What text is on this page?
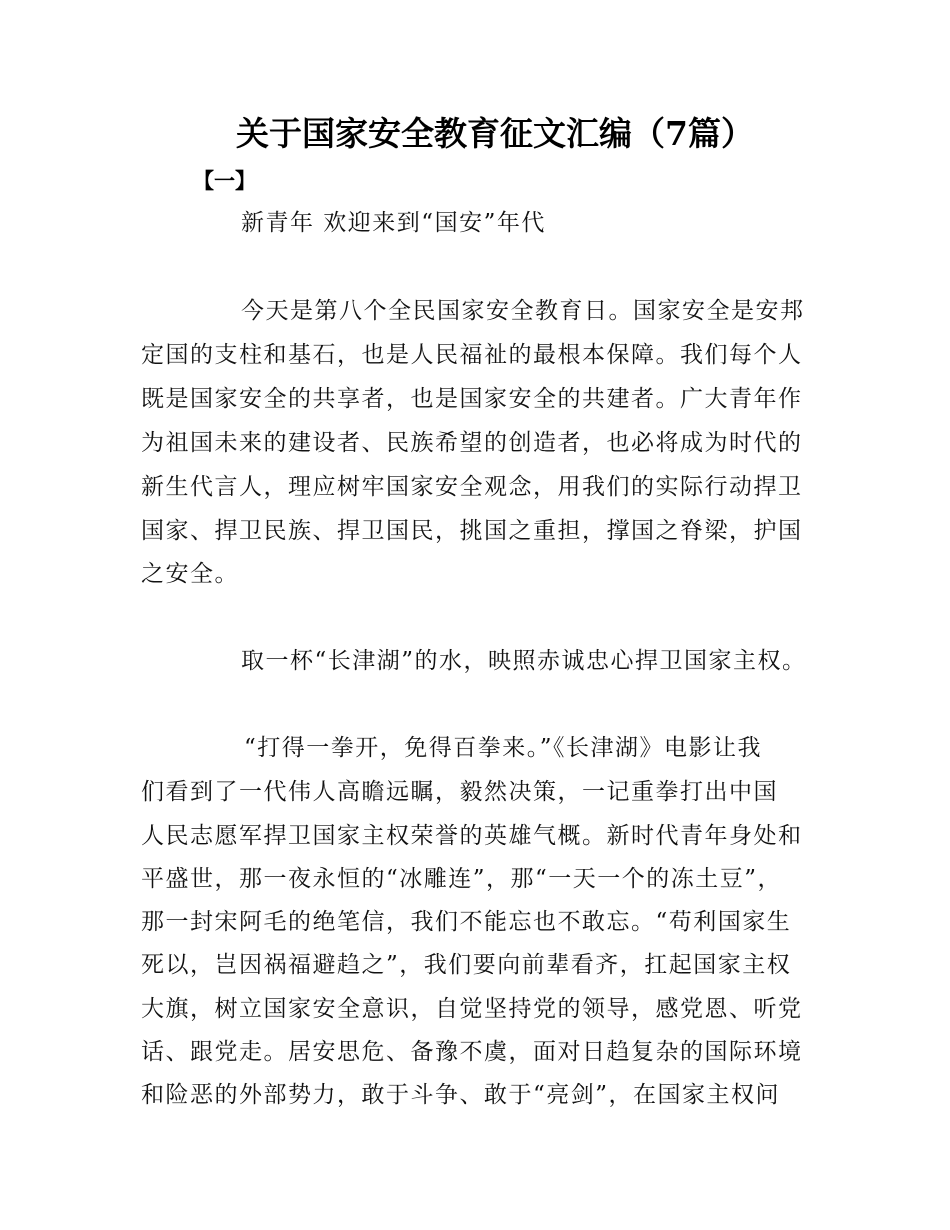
关于国家安全教育征文汇编（7篇）
【一】
新青年 欢迎来到“国安”年代
今天是第八个全民国家安全教育日。国家安全是安邦
定国的支柱和基石，也是人民福祉的最根本保障。我们每个人
既是国家安全的共享者，也是国家安全的共建者。广大青年作
为祖国未来的建设者、民族希望的创造者，也必将成为时代的
新生代言人，理应树牢国家安全观念，用我们的实际行动捍卫
国家、捍卫民族、捍卫国民，挑国之重担，撑国之脊梁，护国
之安全。
取一杯“长津湖”的水，映照赤诚忠心捍卫国家主权。
“打得一拳开，免得百拳来。”《长津湖》电影让我
们看到了一代伟人高瞻远瞩，毅然决策，一记重拳打出中国
人民志愿军捍卫国家主权荣誉的英雄气概。新时代青年身处和
平盛世，那一夜永恒的“冰雕连”，那“一天一个的冻土豆”，
那一封宋阿毛的绝笔信，我们不能忘也不敢忘。“苟利国家生
死以，岂因祸福避趋之”，我们要向前辈看齐，扛起国家主权
大旗，树立国家安全意识，自觉坚持党的领导，感党恩、听党
话、跟党走。居安思危、备豫不虞，面对日趋复杂的国际环境
和险恶的外部势力，敢于斗争、敢于“亮剑”，在国家主权问
